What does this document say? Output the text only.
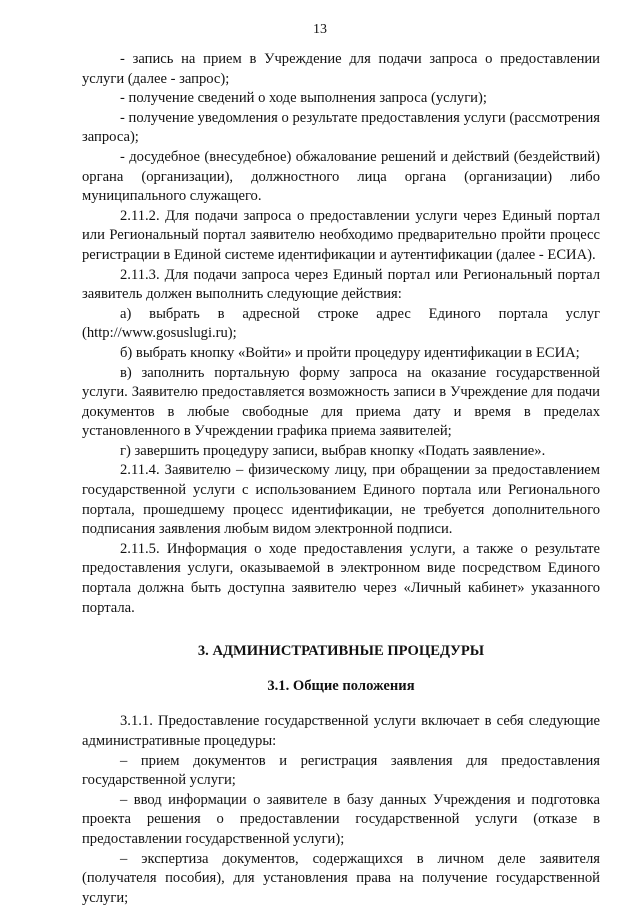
13

- запись на прием в Учреждение для подачи запроса о предоставлении услуги (далее - запрос);

- получение сведений о ходе выполнения запроса (услуги);

- получение уведомления о результате предоставления услуги (рассмотрения запроса);

- досудебное (внесудебное) обжалование решений и действий (бездействий) органа (организации), должностного лица органа (организации) либо муниципального служащего.

2.11.2. Для подачи запроса о предоставлении услуги через Единый портал или Региональный портал заявителю необходимо предварительно пройти процесс регистрации в Единой системе идентификации и аутентификации (далее - ЕСИА).

2.11.3. Для подачи запроса через Единый портал или Региональный портал заявитель должен выполнить следующие действия:

а) выбрать в адресной строке адрес Единого портала услуг (http://www.gosuslugi.ru);

б) выбрать кнопку «Войти» и пройти процедуру идентификации в ЕСИА;

в) заполнить портальную форму запроса на оказание государственной услуги. Заявителю предоставляется возможность записи в Учреждение для подачи документов в любые свободные для приема дату и время в пределах установленного в Учреждении графика приема заявителей;

г) завершить процедуру записи, выбрав кнопку «Подать заявление».

2.11.4. Заявителю – физическому лицу, при обращении за предоставлением государственной услуги с использованием Единого портала или Регионального портала, прошедшему процесс идентификации, не требуется дополнительного подписания заявления любым видом электронной подписи.

2.11.5. Информация о ходе предоставления услуги, а также о результате предоставления услуги, оказываемой в электронном виде посредством Единого портала должна быть доступна заявителю через «Личный кабинет» указанного портала.

3. АДМИНИСТРАТИВНЫЕ ПРОЦЕДУРЫ

3.1. Общие положения

3.1.1. Предоставление государственной услуги включает в себя следующие административные процедуры:

– прием документов и регистрация заявления для предоставления государственной услуги;

– ввод информации о заявителе в базу данных Учреждения и подготовка проекта решения о предоставлении государственной услуги (отказе в предоставлении государственной услуги);

– экспертиза документов, содержащихся в личном деле заявителя (получателя пособия), для установления права на получение государственной услуги;
